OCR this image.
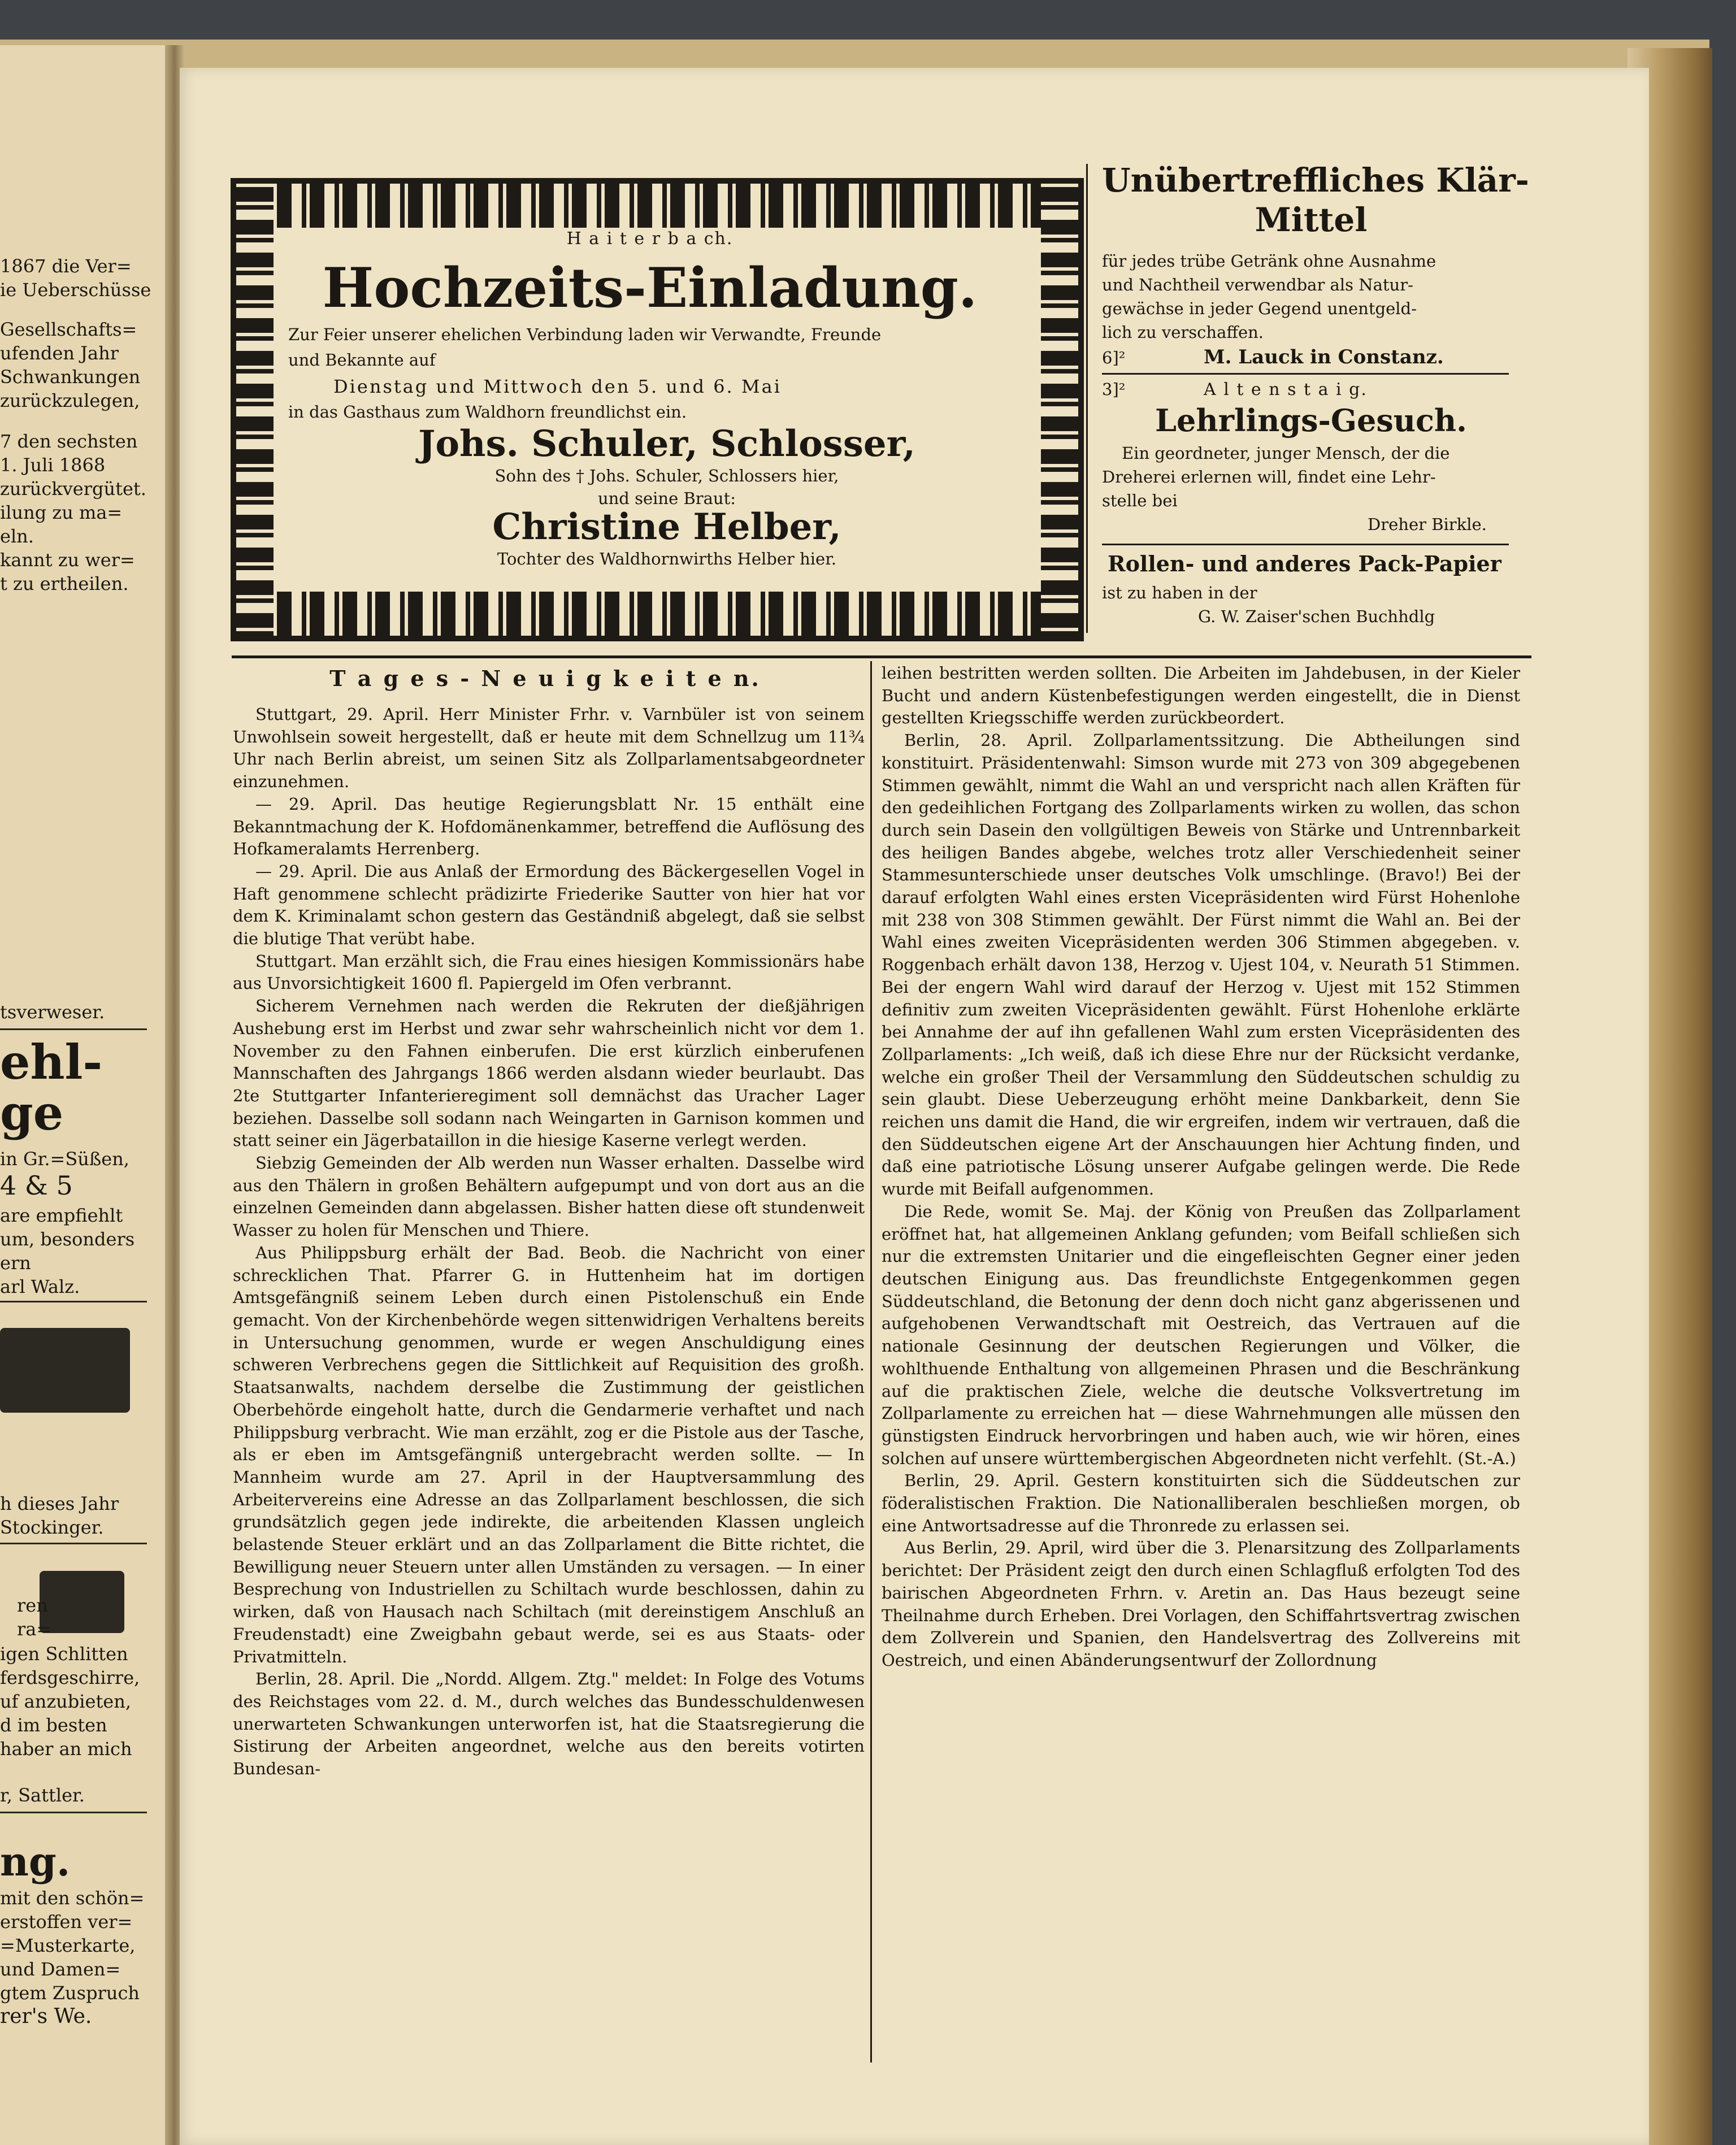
1867 die Ver=
ie Ueberschüsse
Gesellschafts=
ufenden Jahr
Schwankungen
zurückzulegen,
7 den sechsten
1. Juli 1868
zurückvergütet.
ilung zu ma=
eln.
kannt zu wer=
t zu ertheilen.
tsverweser.
ehl-
ge
in Gr.=Süßen,
4 & 5
are empfiehlt
um, besonders
ern
arl Walz.
h dieses Jahr
Stockinger.
ren
ra=
igen Schlitten
ferdsgeschirre,
uf anzubieten,
d im besten
haber an mich
r, Sattler.
ng.
mit den schön=
erstoffen ver=
=Musterkarte,
und Damen=
gtem Zuspruch
rer's We.
H a i t e r b a ch.
Hochzeits-Einladung.
Zur Feier unserer ehelichen Verbindung laden wir Verwandte, Freunde
und Bekannte auf
Dienstag und Mittwoch den 5. und 6. Mai
in das Gasthaus zum Waldhorn freundlichst ein.
Johs. Schuler, Schlosser,
Sohn des † Johs. Schuler, Schlossers hier,
und seine Braut:
Christine Helber,
Tochter des Waldhornwirths Helber hier.
Unübertreffliches Klär-
Mittel
für jedes trübe Getränk ohne Ausnahme
und Nachtheil verwendbar als Natur-
gewächse in jeder Gegend unentgeld-
lich zu verschaffen.
6]²	M. Lauck in Constanz.
3]²	A l t e n s t a i g.
Lehrlings-Gesuch.
Ein geordneter, junger Mensch, der die
Dreherei erlernen will, findet eine Lehr-
stelle bei
Dreher Birkle.
Rollen- und anderes Pack-Papier
ist zu haben in der
G. W. Zaiser'schen Buchhdlg
T a g e s - N e u i g k e i t e n.

Stuttgart, 29. April. Herr Minister Frhr. v. Varnbüler ist von seinem Unwohlsein soweit hergestellt, daß er heute mit dem Schnellzug um 11¾ Uhr nach Berlin abreist, um seinen Sitz als Zollparlamentsabgeordneter einzunehmen.

— 29. April. Das heutige Regierungsblatt Nr. 15 enthält eine Bekanntmachung der K. Hofdomänenkammer, betreffend die Auflösung des Hofkameralamts Herrenberg.

— 29. April. Die aus Anlaß der Ermordung des Bäckergesellen Vogel in Haft genommene schlecht prädizirte Friederike Sautter von hier hat vor dem K. Kriminalamt schon gestern das Geständniß abgelegt, daß sie selbst die blutige That verübt habe.

Stuttgart. Man erzählt sich, die Frau eines hiesigen Kommissionärs habe aus Unvorsichtigkeit 1600 fl. Papiergeld im Ofen verbrannt.

Sicherem Vernehmen nach werden die Rekruten der dießjährigen Aushebung erst im Herbst und zwar sehr wahrscheinlich nicht vor dem 1. November zu den Fahnen einberufen. Die erst kürzlich einberufenen Mannschaften des Jahrgangs 1866 werden alsdann wieder beurlaubt. Das 2te Stuttgarter Infanterieregiment soll demnächst das Uracher Lager beziehen. Dasselbe soll sodann nach Weingarten in Garnison kommen und statt seiner ein Jägerbataillon in die hiesige Kaserne verlegt werden.

Siebzig Gemeinden der Alb werden nun Wasser erhalten. Dasselbe wird aus den Thälern in großen Behältern aufgepumpt und von dort aus an die einzelnen Gemeinden dann abgelassen. Bisher hatten diese oft stundenweit Wasser zu holen für Menschen und Thiere.

Aus Philippsburg erhält der Bad. Beob. die Nachricht von einer schrecklichen That. Pfarrer G. in Huttenheim hat im dortigen Amtsgefängniß seinem Leben durch einen Pistolenschuß ein Ende gemacht. Von der Kirchenbehörde wegen sittenwidrigen Verhaltens bereits in Untersuchung genommen, wurde er wegen Anschuldigung eines schweren Verbrechens gegen die Sittlichkeit auf Requisition des großh. Staatsanwalts, nachdem derselbe die Zustimmung der geistlichen Oberbehörde eingeholt hatte, durch die Gendarmerie verhaftet und nach Philippsburg verbracht. Wie man erzählt, zog er die Pistole aus der Tasche, als er eben im Amtsgefängniß untergebracht werden sollte. — In Mannheim wurde am 27. April in der Hauptversammlung des Arbeitervereins eine Adresse an das Zollparlament beschlossen, die sich grundsätzlich gegen jede indirekte, die arbeitenden Klassen ungleich belastende Steuer erklärt und an das Zollparlament die Bitte richtet, die Bewilligung neuer Steuern unter allen Umständen zu versagen. — In einer Besprechung von Industriellen zu Schiltach wurde beschlossen, dahin zu wirken, daß von Hausach nach Schiltach (mit dereinstigem Anschluß an Freudenstadt) eine Zweigbahn gebaut werde, sei es aus Staats- oder Privatmitteln.

Berlin, 28. April. Die „Nordd. Allgem. Ztg." meldet: In Folge des Votums des Reichstages vom 22. d. M., durch welches das Bundesschuldenwesen unerwarteten Schwankungen unterworfen ist, hat die Staatsregierung die Sistirung der Arbeiten angeordnet, welche aus den bereits votirten Bundesan-

leihen bestritten werden sollten. Die Arbeiten im Jahdebusen, in der Kieler Bucht und andern Küstenbefestigungen werden eingestellt, die in Dienst gestellten Kriegsschiffe werden zurückbeordert.

Berlin, 28. April. Zollparlamentssitzung. Die Abtheilungen sind konstituirt. Präsidentenwahl: Simson wurde mit 273 von 309 abgegebenen Stimmen gewählt, nimmt die Wahl an und verspricht nach allen Kräften für den gedeihlichen Fortgang des Zollparlaments wirken zu wollen, das schon durch sein Dasein den vollgültigen Beweis von Stärke und Untrennbarkeit des heiligen Bandes abgebe, welches trotz aller Verschiedenheit seiner Stammesunterschiede unser deutsches Volk umschlinge. (Bravo!) Bei der darauf erfolgten Wahl eines ersten Vicepräsidenten wird Fürst Hohenlohe mit 238 von 308 Stimmen gewählt. Der Fürst nimmt die Wahl an. Bei der Wahl eines zweiten Vicepräsidenten werden 306 Stimmen abgegeben. v. Roggenbach erhält davon 138, Herzog v. Ujest 104, v. Neurath 51 Stimmen. Bei der engern Wahl wird darauf der Herzog v. Ujest mit 152 Stimmen definitiv zum zweiten Vicepräsidenten gewählt. Fürst Hohenlohe erklärte bei Annahme der auf ihn gefallenen Wahl zum ersten Vicepräsidenten des Zollparlaments: „Ich weiß, daß ich diese Ehre nur der Rücksicht verdanke, welche ein großer Theil der Versammlung den Süddeutschen schuldig zu sein glaubt. Diese Ueberzeugung erhöht meine Dankbarkeit, denn Sie reichen uns damit die Hand, die wir ergreifen, indem wir vertrauen, daß die den Süddeutschen eigene Art der Anschauungen hier Achtung finden, und daß eine patriotische Lösung unserer Aufgabe gelingen werde. Die Rede wurde mit Beifall aufgenommen.

Die Rede, womit Se. Maj. der König von Preußen das Zollparlament eröffnet hat, hat allgemeinen Anklang gefunden; vom Beifall schließen sich nur die extremsten Unitarier und die eingefleischten Gegner einer jeden deutschen Einigung aus. Das freundlichste Entgegenkommen gegen Süddeutschland, die Betonung der denn doch nicht ganz abgerissenen und aufgehobenen Verwandtschaft mit Oestreich, das Vertrauen auf die nationale Gesinnung der deutschen Regierungen und Völker, die wohlthuende Enthaltung von allgemeinen Phrasen und die Beschränkung auf die praktischen Ziele, welche die deutsche Volksvertretung im Zollparlamente zu erreichen hat — diese Wahrnehmungen alle müssen den günstigsten Eindruck hervorbringen und haben auch, wie wir hören, eines solchen auf unsere württembergischen Abgeordneten nicht verfehlt. (St.-A.)

Berlin, 29. April. Gestern konstituirten sich die Süddeutschen zur föderalistischen Fraktion. Die Nationalliberalen beschließen morgen, ob eine Antwortsadresse auf die Thronrede zu erlassen sei.

Aus Berlin, 29. April, wird über die 3. Plenarsitzung des Zollparlaments berichtet: Der Präsident zeigt den durch einen Schlagfluß erfolgten Tod des bairischen Abgeordneten Frhrn. v. Aretin an. Das Haus bezeugt seine Theilnahme durch Erheben. Drei Vorlagen, den Schiffahrtsvertrag zwischen dem Zollverein und Spanien, den Handelsvertrag des Zollvereins mit Oestreich, und einen Abänderungsentwurf der Zollordnung
